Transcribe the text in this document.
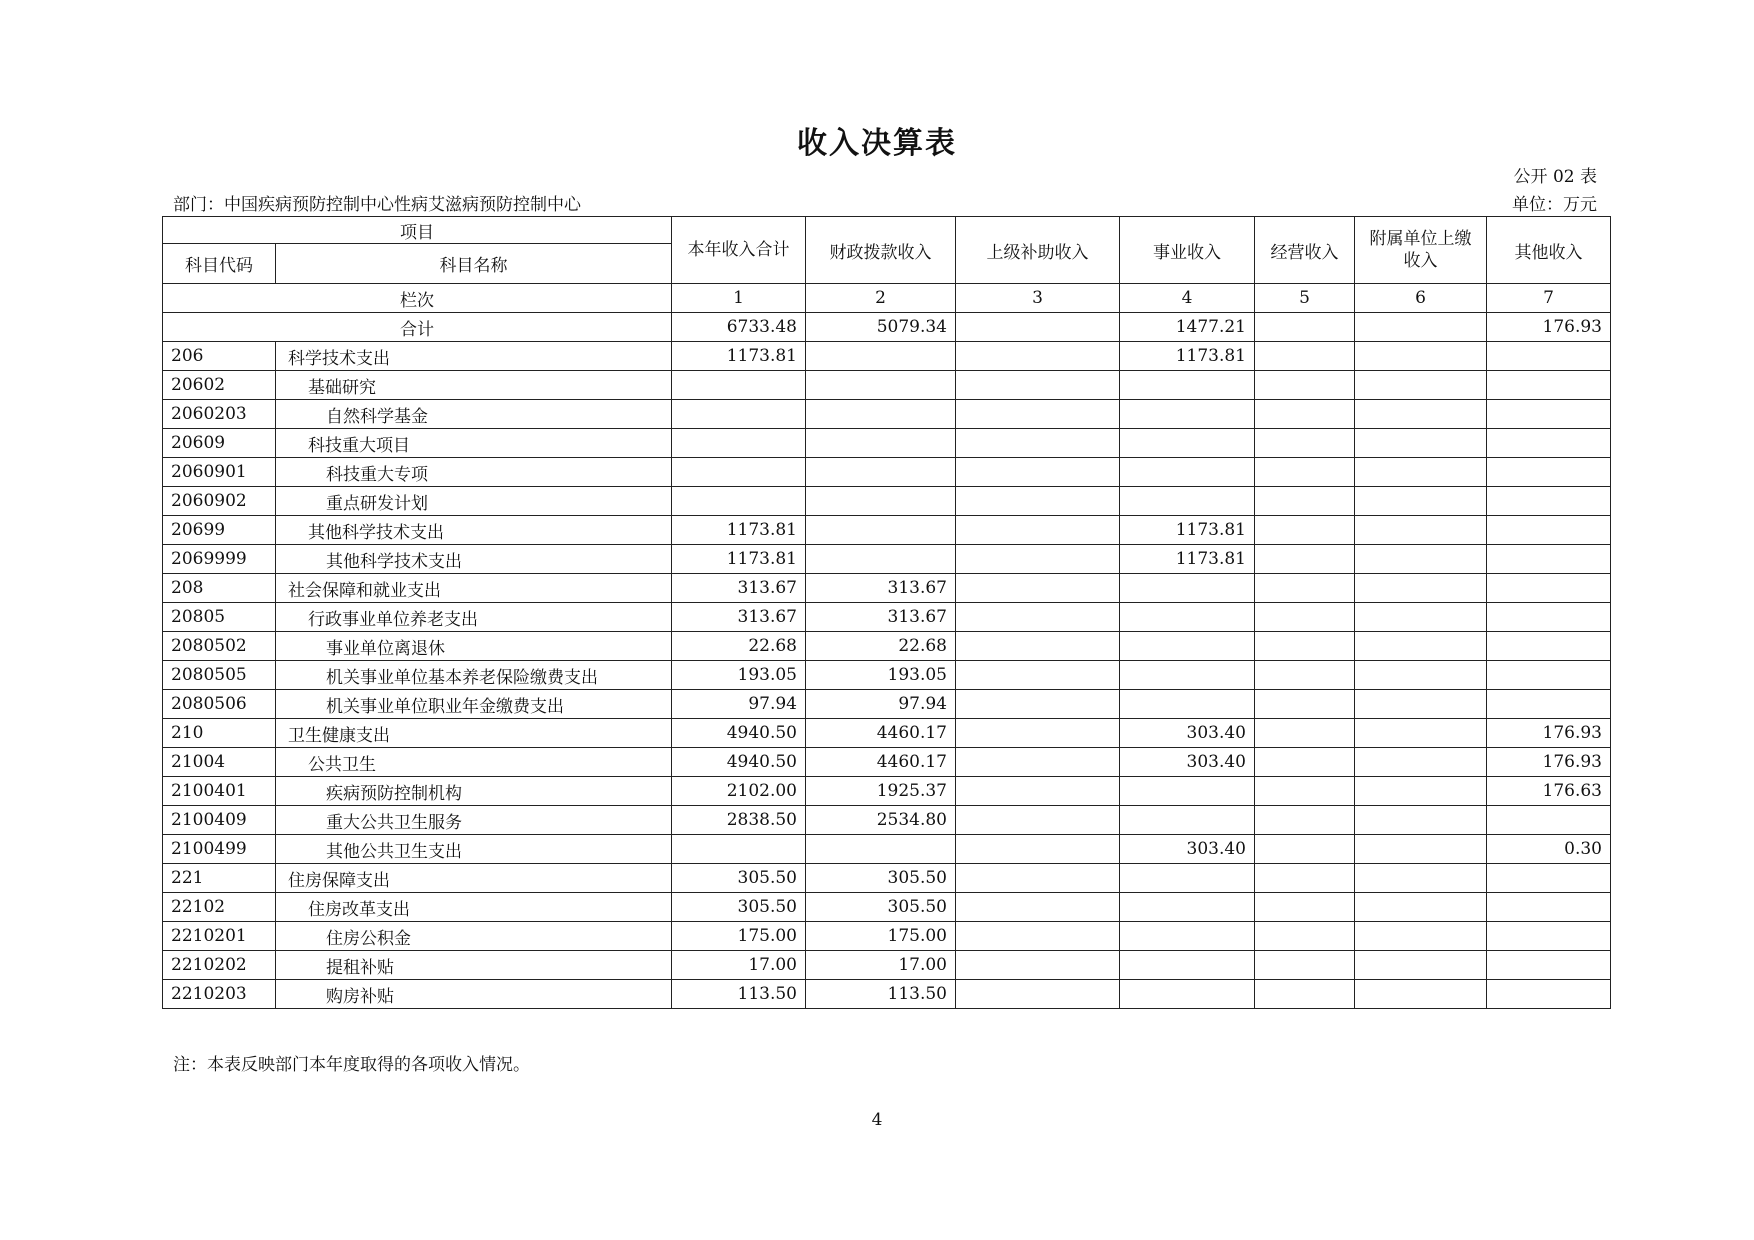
收入决算表
公开 02 表
部门：中国疾病预防控制中心性病艾滋病预防控制中心	单位：万元
项目		本年收入合计	财政拨款收入	上级补助收入	事业收入	经营收入	附属单位上缴收入	其他收入
科目代码	科目名称							
栏次		1	2	3	4	5	6	7
合计		6733.48	5079.34		1477.21			176.93
206	科学技术支出	1173.81			1173.81			
20602	基础研究							
2060203	自然科学基金							
20609	科技重大项目							
2060901	科技重大专项							
2060902	重点研发计划							
20699	其他科学技术支出	1173.81			1173.81			
2069999	其他科学技术支出	1173.81			1173.81			
208	社会保障和就业支出	313.67	313.67					
20805	行政事业单位养老支出	313.67	313.67					
2080502	事业单位离退休	22.68	22.68					
2080505	机关事业单位基本养老保险缴费支出	193.05	193.05					
2080506	机关事业单位职业年金缴费支出	97.94	97.94					
210	卫生健康支出	4940.50	4460.17		303.40			176.93
21004	公共卫生	4940.50	4460.17		303.40			176.93
2100401	疾病预防控制机构	2102.00	1925.37					176.63
2100409	重大公共卫生服务	2838.50	2534.80					
2100499	其他公共卫生支出				303.40			0.30
221	住房保障支出	305.50	305.50					
22102	住房改革支出	305.50	305.50					
2210201	住房公积金	175.00	175.00					
2210202	提租补贴	17.00	17.00					
2210203	购房补贴	113.50	113.50					
注：本表反映部门本年度取得的各项收入情况。
4
